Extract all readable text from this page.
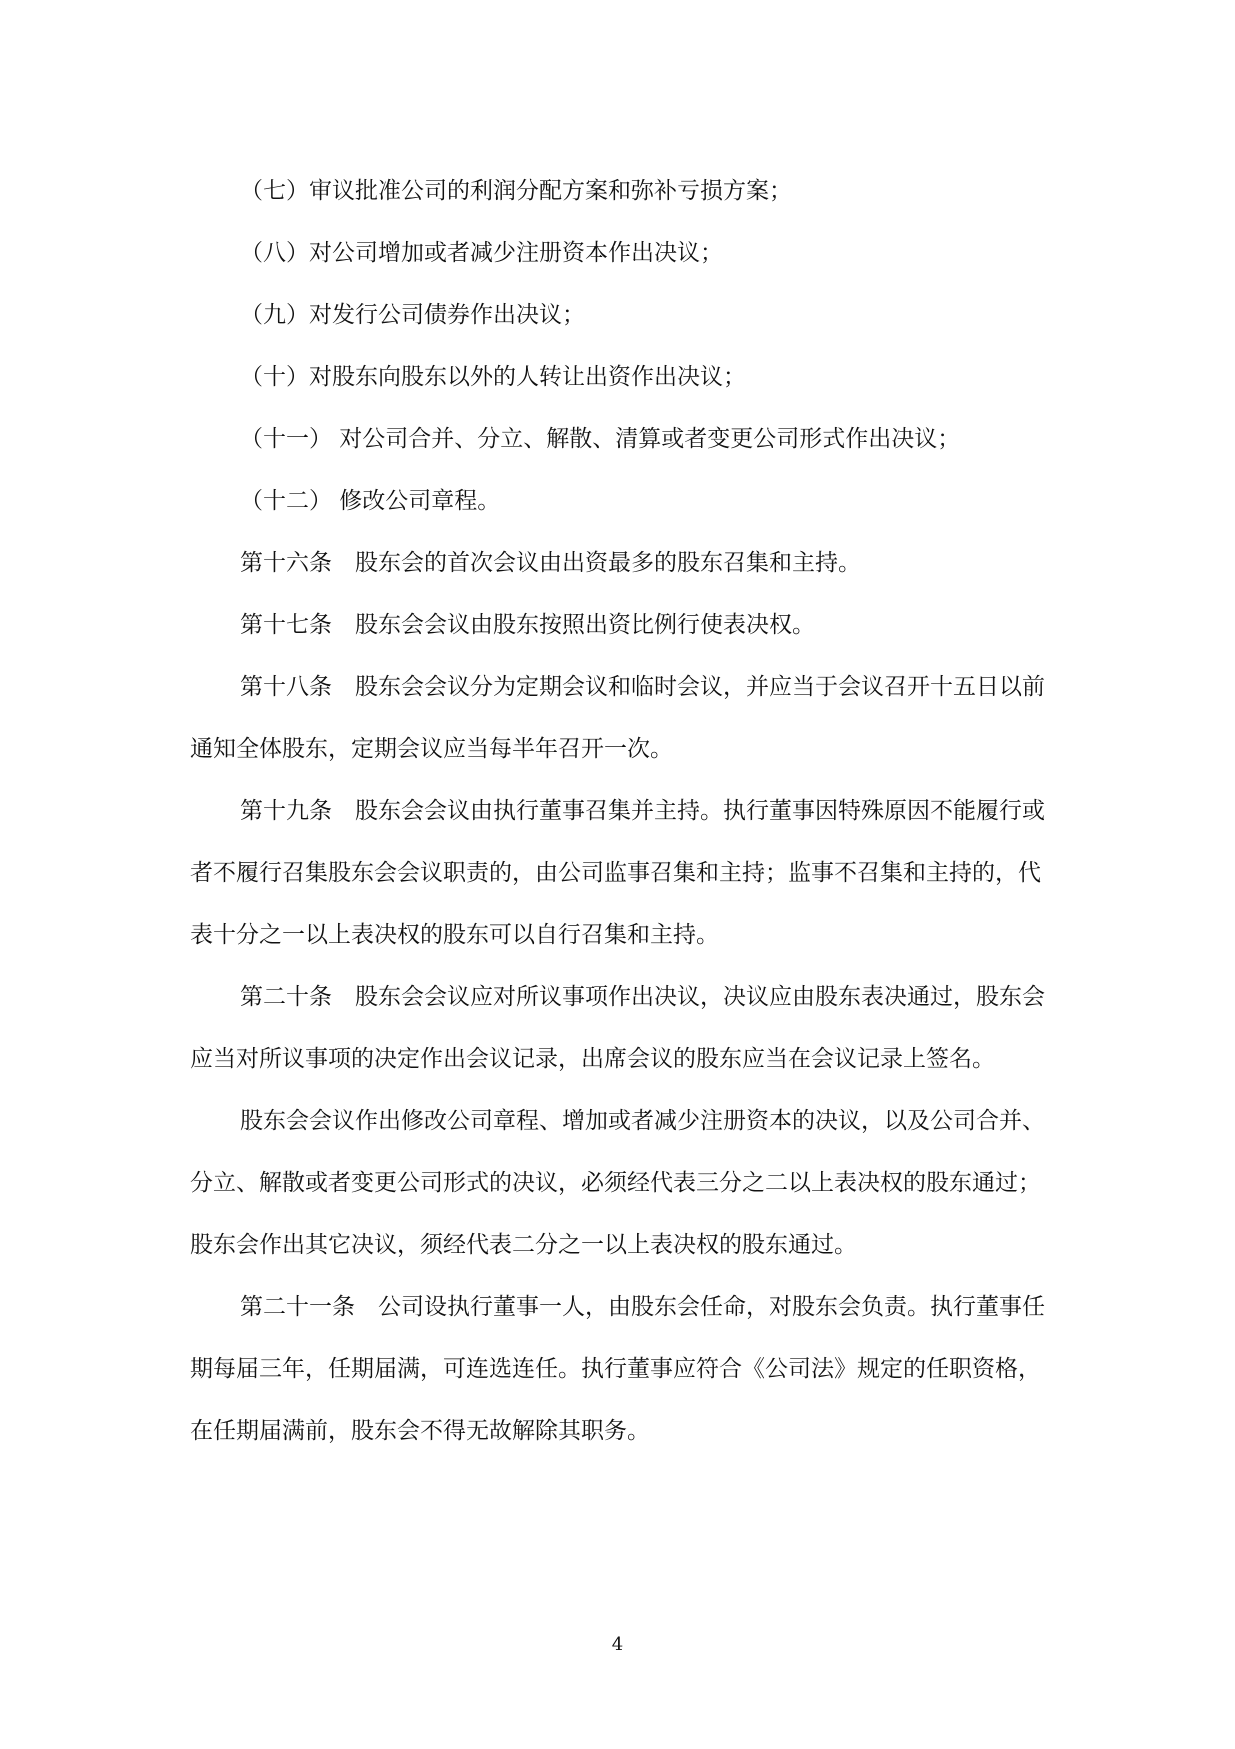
（七）审议批准公司的利润分配方案和弥补亏损方案；

（八）对公司增加或者减少注册资本作出决议；

（九）对发行公司债券作出决议；

（十）对股东向股东以外的人转让出资作出决议；

（十一） 对公司合并、分立、解散、清算或者变更公司形式作出决议；

（十二） 修改公司章程。

第十六条　股东会的首次会议由出资最多的股东召集和主持。

第十七条　股东会会议由股东按照出资比例行使表决权。

第十八条　股东会会议分为定期会议和临时会议，并应当于会议召开十五日以前通知全体股东，定期会议应当每半年召开一次。

第十九条　股东会会议由执行董事召集并主持。执行董事因特殊原因不能履行或者不履行召集股东会会议职责的，由公司监事召集和主持；监事不召集和主持的，代表十分之一以上表决权的股东可以自行召集和主持。

第二十条　股东会会议应对所议事项作出决议，决议应由股东表决通过，股东会应当对所议事项的决定作出会议记录，出席会议的股东应当在会议记录上签名。

股东会会议作出修改公司章程、增加或者减少注册资本的决议，以及公司合并、分立、解散或者变更公司形式的决议，必须经代表三分之二以上表决权的股东通过；股东会作出其它决议，须经代表二分之一以上表决权的股东通过。

第二十一条　公司设执行董事一人，由股东会任命，对股东会负责。执行董事任期每届三年，任期届满，可连选连任。执行董事应符合《公司法》规定的任职资格，在任期届满前，股东会不得无故解除其职务。

4
